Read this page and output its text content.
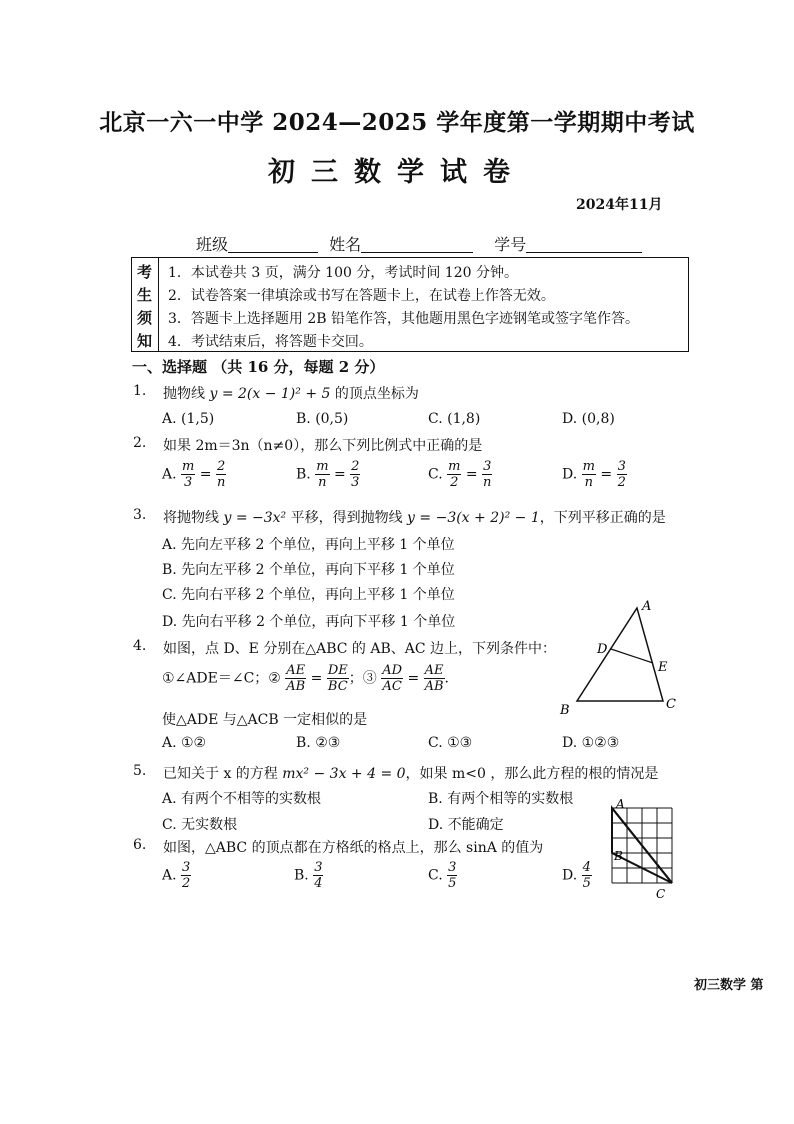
北京一六一中学 2024—2025 学年度第一学期期中考试
初三数学试卷
2024年11月
班级	姓名	学号
考
生
须
知
1．本试卷共 3 页，满分 100 分，考试时间 120 分钟。
2．试卷答案一律填涂或书写在答题卡上，在试卷上作答无效。
3．答题卡上选择题用 2B 铅笔作答，其他题用黑色字迹钢笔或签字笔作答。
4．考试结束后，将答题卡交回。
一、选择题 （共 16 分，每题 2 分）
1. 抛物线 y = 2(x − 1)² + 5 的顶点坐标为
A. (1,5)	B. (0,5)	C. (1,8)	D. (0,8)
2. 如果 2m＝3n（n≠0），那么下列比例式中正确的是
A. $\frac{m}{3} = \frac{2}{n}$	B. $\frac{m}{n} = \frac{2}{3}$	C. $\frac{m}{2} = \frac{3}{n}$	D. $\frac{m}{n} = \frac{3}{2}$
3. 将抛物线 y = −3x² 平移，得到抛物线 y = −3(x + 2)² − 1，下列平移正确的是
A. 先向左平移 2 个单位，再向上平移 1 个单位
B. 先向左平移 2 个单位，再向下平移 1 个单位
C. 先向右平移 2 个单位，再向上平移 1 个单位
D. 先向右平移 2 个单位，再向下平移 1 个单位
4. 如图，点 D、E 分别在△ABC 的 AB、AC 边上，下列条件中：
①∠ADE＝∠C；② $\frac{AE}{AB} = \frac{DE}{BC}$ ；③ $\frac{AD}{AC} = \frac{AE}{AB}$ .
使△ADE 与△ACB 一定相似的是
A. ①②	B. ②③	C. ①③	D. ①②③
A
D
E
B	C
5. 已知关于 x 的方程 mx² − 3x + 4 = 0，如果 m<0 ，那么此方程的根的情况是
A. 有两个不相等的实数根	B. 有两个相等的实数根
C. 无实数根	D. 不能确定
6. 如图，△ABC 的顶点都在方格纸的格点上，那么 sinA 的值为
A. $\frac{3}{2}$	B. $\frac{3}{4}$	C. $\frac{3}{5}$	D. $\frac{4}{5}$
A
B
C
初三数学 第
